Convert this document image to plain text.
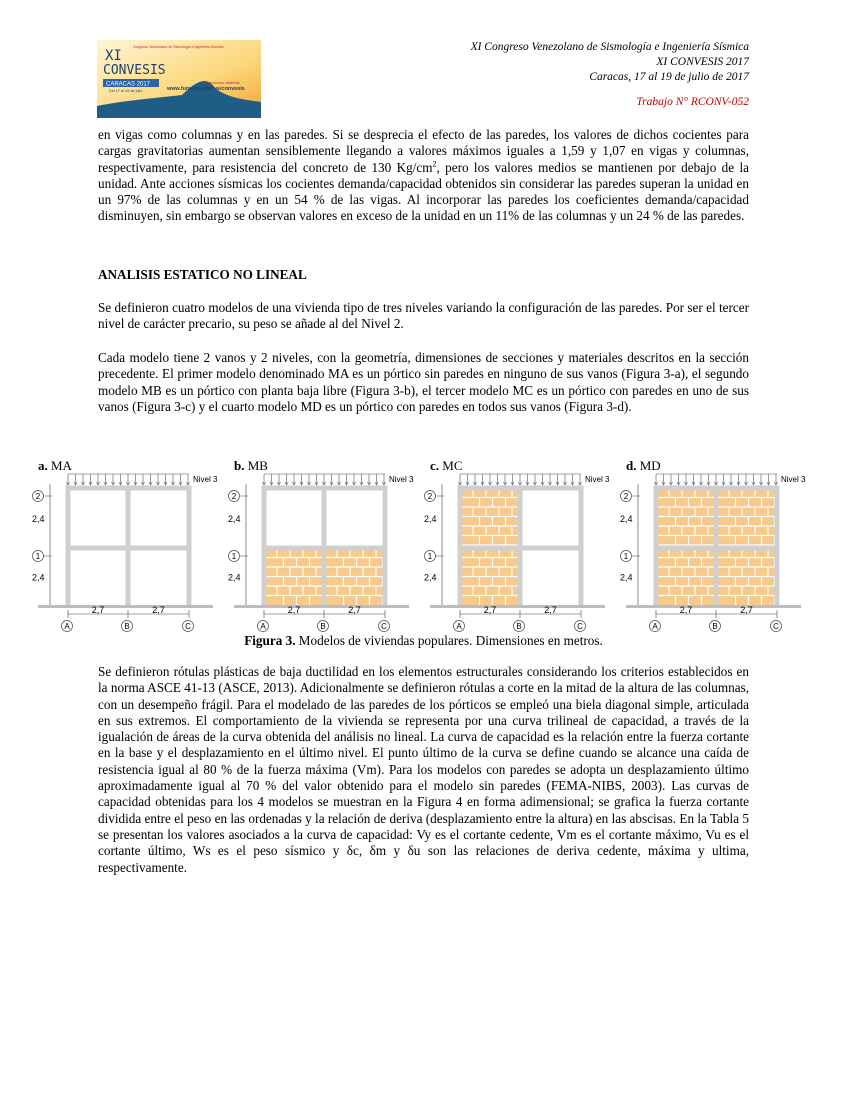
XI
Congreso Venezolano de Sismología e Ingeniería Sísmica
CONVESIS
CARACAS 2017
Del 17 al 19 de julio
Inscripciones abiertas
www.funvisis.gob.ve/convesis
XI Congreso Venezolano de Sismología e Ingeniería Sísmica
XI CONVESIS 2017
Caracas, 17 al 19 de julio de 2017
Trabajo N° RCONV-052
en vigas como columnas y en las paredes. Si se desprecia el efecto de las paredes, los valores de dichos cocientes para cargas gravitatorias aumentan sensiblemente llegando a valores máximos iguales a 1,59 y 1,07 en vigas y columnas, respectivamente, para resistencia del concreto de 130 $Kg/cm^2$, pero los valores medios se mantienen por debajo de la unidad. Ante acciones sísmicas los cocientes demanda/capacidad obtenidos sin considerar las paredes superan la unidad en un 97% de las columnas y en un 54 % de las vigas. Al incorporar las paredes los coeficientes demanda/capacidad disminuyen, sin embargo se observan valores en exceso de la unidad en un 11% de las columnas y un 24 % de las paredes.
ANALISIS ESTATICO NO LINEAL
Se definieron cuatro modelos de una vivienda tipo de tres niveles variando la configuración de las paredes. Por ser el tercer nivel de carácter precario, su peso se añade al del Nivel 2.
Cada modelo tiene 2 vanos y 2 niveles, con la geometría, dimensiones de secciones y materiales descritos en la sección precedente. El primer modelo denominado MA es un pórtico sin paredes en ninguno de sus vanos (Figura 3-a), el segundo modelo MB es un pórtico con planta baja libre (Figura 3-b), el tercer modelo MC es un pórtico con paredes en uno de sus vanos (Figura 3-c) y el cuarto modelo MD es un pórtico con paredes en todos sus vanos (Figura 3-d).
a. MA
Nivel 3
2,4
2,4
2
1
2,7	2,7
A	B	C
b. MB
Nivel 3
2,4
2,4
2
1
2,7	2,7
A	B	C
c. MC
Nivel 3
2,4
2,4
2
1
2,7	2,7
A	B	C
d. MD
Nivel 3
2,4
2,4
2
1
2,7	2,7
A	B	C
Figura 3. Modelos de viviendas populares. Dimensiones en metros.
Se definieron rótulas plásticas de baja ductilidad en los elementos estructurales considerando los criterios establecidos en la norma ASCE 41-13 (ASCE, 2013). Adicionalmente se definieron rótulas a corte en la mitad de la altura de las columnas, con un desempeño frágil. Para el modelado de las paredes de los pórticos se empleó una biela diagonal simple, articulada en sus extremos. El comportamiento de la vivienda se representa por una curva trilineal de capacidad, a través de la igualación de áreas de la curva obtenida del análisis no lineal. La curva de capacidad es la relación entre la fuerza cortante en la base y el desplazamiento en el último nivel. El punto último de la curva se define cuando se alcance una caída de resistencia igual al 80 % de la fuerza máxima (Vm). Para los modelos con paredes se adopta un desplazamiento último aproximadamente igual al 70 % del valor obtenido para el modelo sin paredes (FEMA-NIBS, 2003). Las curvas de capacidad obtenidas para los 4 modelos se muestran en la Figura 4 en forma adimensional; se grafica la fuerza cortante dividida entre el peso en las ordenadas y la relación de deriva (desplazamiento entre la altura) en las abscisas. En la Tabla 5 se presentan los valores asociados a la curva de capacidad: Vy es el cortante cedente, Vm es el cortante máximo, Vu es el cortante último, Ws es el peso sísmico y δc, δm y δu son las relaciones de deriva cedente, máxima y ultima, respectivamente.
